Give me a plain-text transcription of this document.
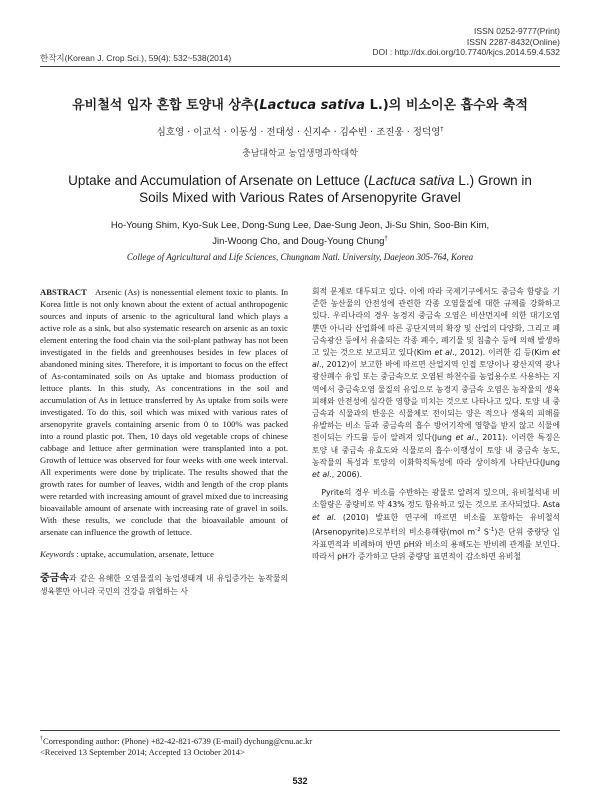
ISSN 0252-9777(Print)
ISSN 2287-8432(Online)
DOI : http://dx.doi.org/10.7740/kjcs.2014.59.4.532
한작지(Korean J. Crop Sci.), 59(4): 532~538(2014)
유비철석 입자 혼합 토양내 상추(Lactuca sativa L.)의 비소이온 흡수와 축적
심호영 · 이교석 · 이동성 · 전대성 · 신지수 · 김수빈 · 조진웅 · 정덕영†
충남대학교 농업생명과학대학
Uptake and Accumulation of Arsenate on Lettuce (Lactuca sativa L.) Grown in Soils Mixed with Various Rates of Arsenopyrite Gravel
Ho-Young Shim, Kyo-Suk Lee, Dong-Sung Lee, Dae-Sung Jeon, Ji-Su Shin, Soo-Bin Kim,
Jin-Woong Cho, and Doug-Young Chung†
College of Agricultural and Life Sciences, Chungnam Natl. University, Daejeon 305-764, Korea

ABSTRACT Arsenic (As) is nonessential element toxic to plants. In Korea little is not only known about the extent of actual anthropogenic sources and inputs of arsenic to the agricultural land which plays a active role as a sink, but also systematic research on arsenic as an toxic element entering the food chain via the soil-plant pathway has not been investigated in the fields and greenhouses besides in few places of abandoned mining sites. Therefore, it is important to focus on the effect of As-contaminated soils on As uptake and biomass production of lettuce plants. In this study, As concentrations in the soil and accumulation of As in lettuce transferred by As uptake from soils were investigated. To do this, soil which was mixed with various rates of arsenopyrite gravels containing arsenic from 0 to 100% was packed into a round plastic pot. Then, 10 days old vegetable crops of chinese cabbage and lettuce after germination were transplanted into a pot. Growth of lettuce was observed for four weeks with one week interval. All experiments were done by triplicate. The results showed that the growth rates for number of leaves, width and length of the crop plants were retarded with increasing amount of gravel mixed due to increasing bioavailable amount of arsenate with increasing rate of gravel in soils. With these results, we conclude that the bioavailable amount of arsenate can influence the growth of lettuce.

Keywords : uptake, accumulation, arsenate, lettuce

중금속과 같은 유해한 오염물질의 농업생태계 내 유입증가는 농작물의 생육뿐만 아니라 국민의 건강을 위협하는 사

회적 문제로 대두되고 있다. 이에 따라 국제기구에서도 중금속 함량을 기준한 농산물의 안전성에 관련한 각종 오염물질에 대한 규제를 강화하고 있다. 우리나라의 경우 농경지 중금속 오염은 비산먼지에 의한 대기오염뿐만 아니라 산업화에 따른 공단지역의 확장 및 산업의 다양화, 그리고 폐금속광산 등에서 유출되는 각종 폐수, 폐기물 및 침출수 등에 의해 발생하고 있는 것으로 보고되고 있다(Kim et al., 2012). 이러한 김 등(Kim et al., 2012)이 보고한 바에 따르면 산업지역 인접 토양이나 광산지역 광나 광산폐수 유입 또는 중금속으로 오염된 하천수를 농업용수로 사용하는 지역에서 중금속오염 물질의 유입으로 농경지 중금속 오염은 농작물의 생육피해와 안전성에 심각한 영향을 미치는 것으로 나타나고 있다. 토양 내 중금속과 식물과의 반응은 식물체로 전이되는 양은 적으나 생육의 피해를 유발하는 비소 등과 중금속의 흡수 방어기작에 영향을 받지 않고 식물에 전이되는 카드뮴 등이 알려져 있다(Jung et al., 2011). 이러한 특징은 토양 내 중금속 유효도와 식물로의 흡수·이행성이 토양 내 중금속 농도, 농작물의 특성과 토양의 이화학적특성에 따라 상이하게 나타난다(Jung et al., 2006).

Pyrite의 경우 비소를 수반하는 광물로 알려져 있으며, 유비철석내 비소함량은 중량비로 약 43% 정도 함유하고 있는 것으로 조사되었다. Asta et al. (2010) 발표한 연구에 따르면 비소를 포함하는 유비철석(Arsenopyrite)으로부터의 비소용해량(mol $m^{-2}$ $S^{-1}$)은 단위 중량당 입자표면적과 비례하며 반면 pH와 비소의 용해도는 반비례 관계를 보인다. 따라서 pH가 증가하고 단위 중량당 표면적이 감소하면 유비철

†Corresponding author: (Phone) +82-42-821-6739 (E-mail) dychung@cnu.ac.kr
<Received 13 September 2014; Accepted 13 October 2014>
532
